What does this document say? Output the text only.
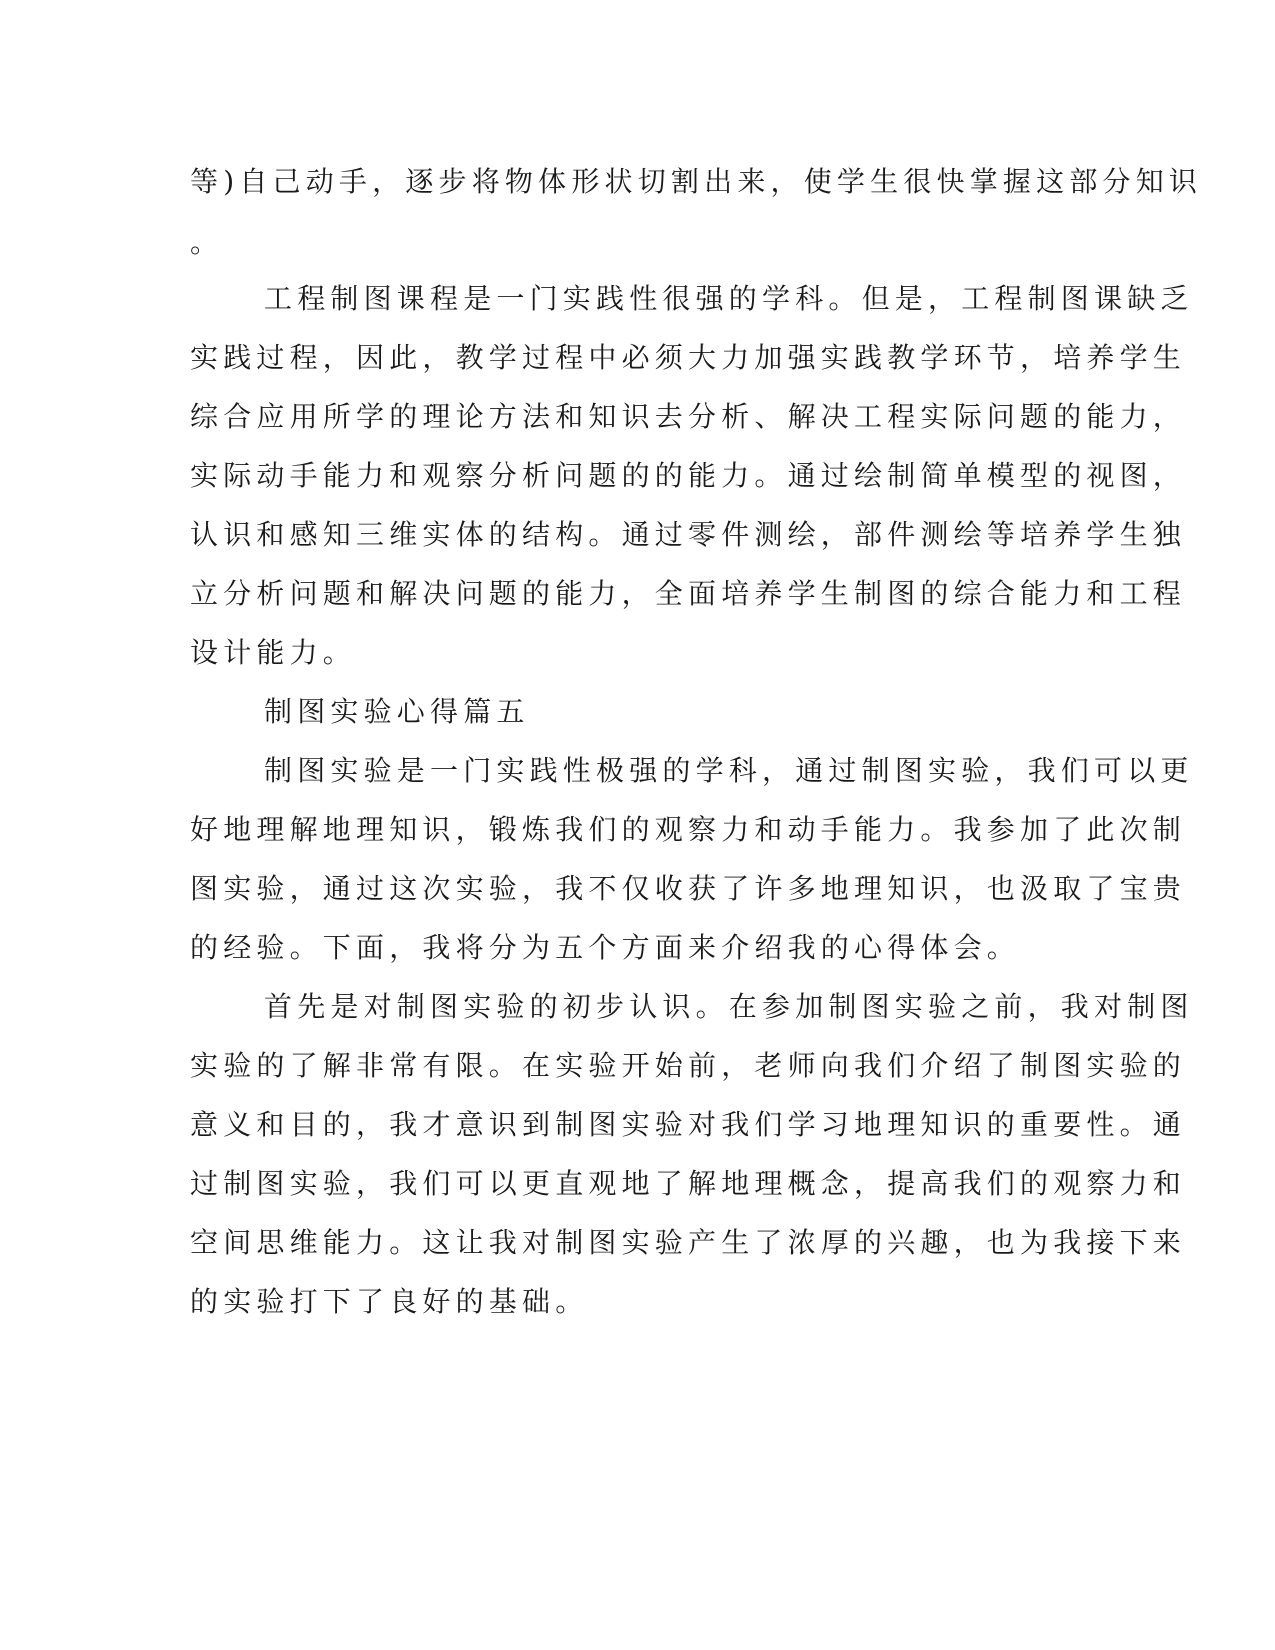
等)自己动手，逐步将物体形状切割出来，使学生很快掌握这部分知识
。
工程制图课程是一门实践性很强的学科。但是，工程制图课缺乏
实践过程，因此，教学过程中必须大力加强实践教学环节，培养学生
综合应用所学的理论方法和知识去分析、解决工程实际问题的能力，
实际动手能力和观察分析问题的的能力。通过绘制简单模型的视图，
认识和感知三维实体的结构。通过零件测绘，部件测绘等培养学生独
立分析问题和解决问题的能力，全面培养学生制图的综合能力和工程
设计能力。
制图实验心得篇五
制图实验是一门实践性极强的学科，通过制图实验，我们可以更
好地理解地理知识，锻炼我们的观察力和动手能力。我参加了此次制
图实验，通过这次实验，我不仅收获了许多地理知识，也汲取了宝贵
的经验。下面，我将分为五个方面来介绍我的心得体会。
首先是对制图实验的初步认识。在参加制图实验之前，我对制图
实验的了解非常有限。在实验开始前，老师向我们介绍了制图实验的
意义和目的，我才意识到制图实验对我们学习地理知识的重要性。通
过制图实验，我们可以更直观地了解地理概念，提高我们的观察力和
空间思维能力。这让我对制图实验产生了浓厚的兴趣，也为我接下来
的实验打下了良好的基础。
